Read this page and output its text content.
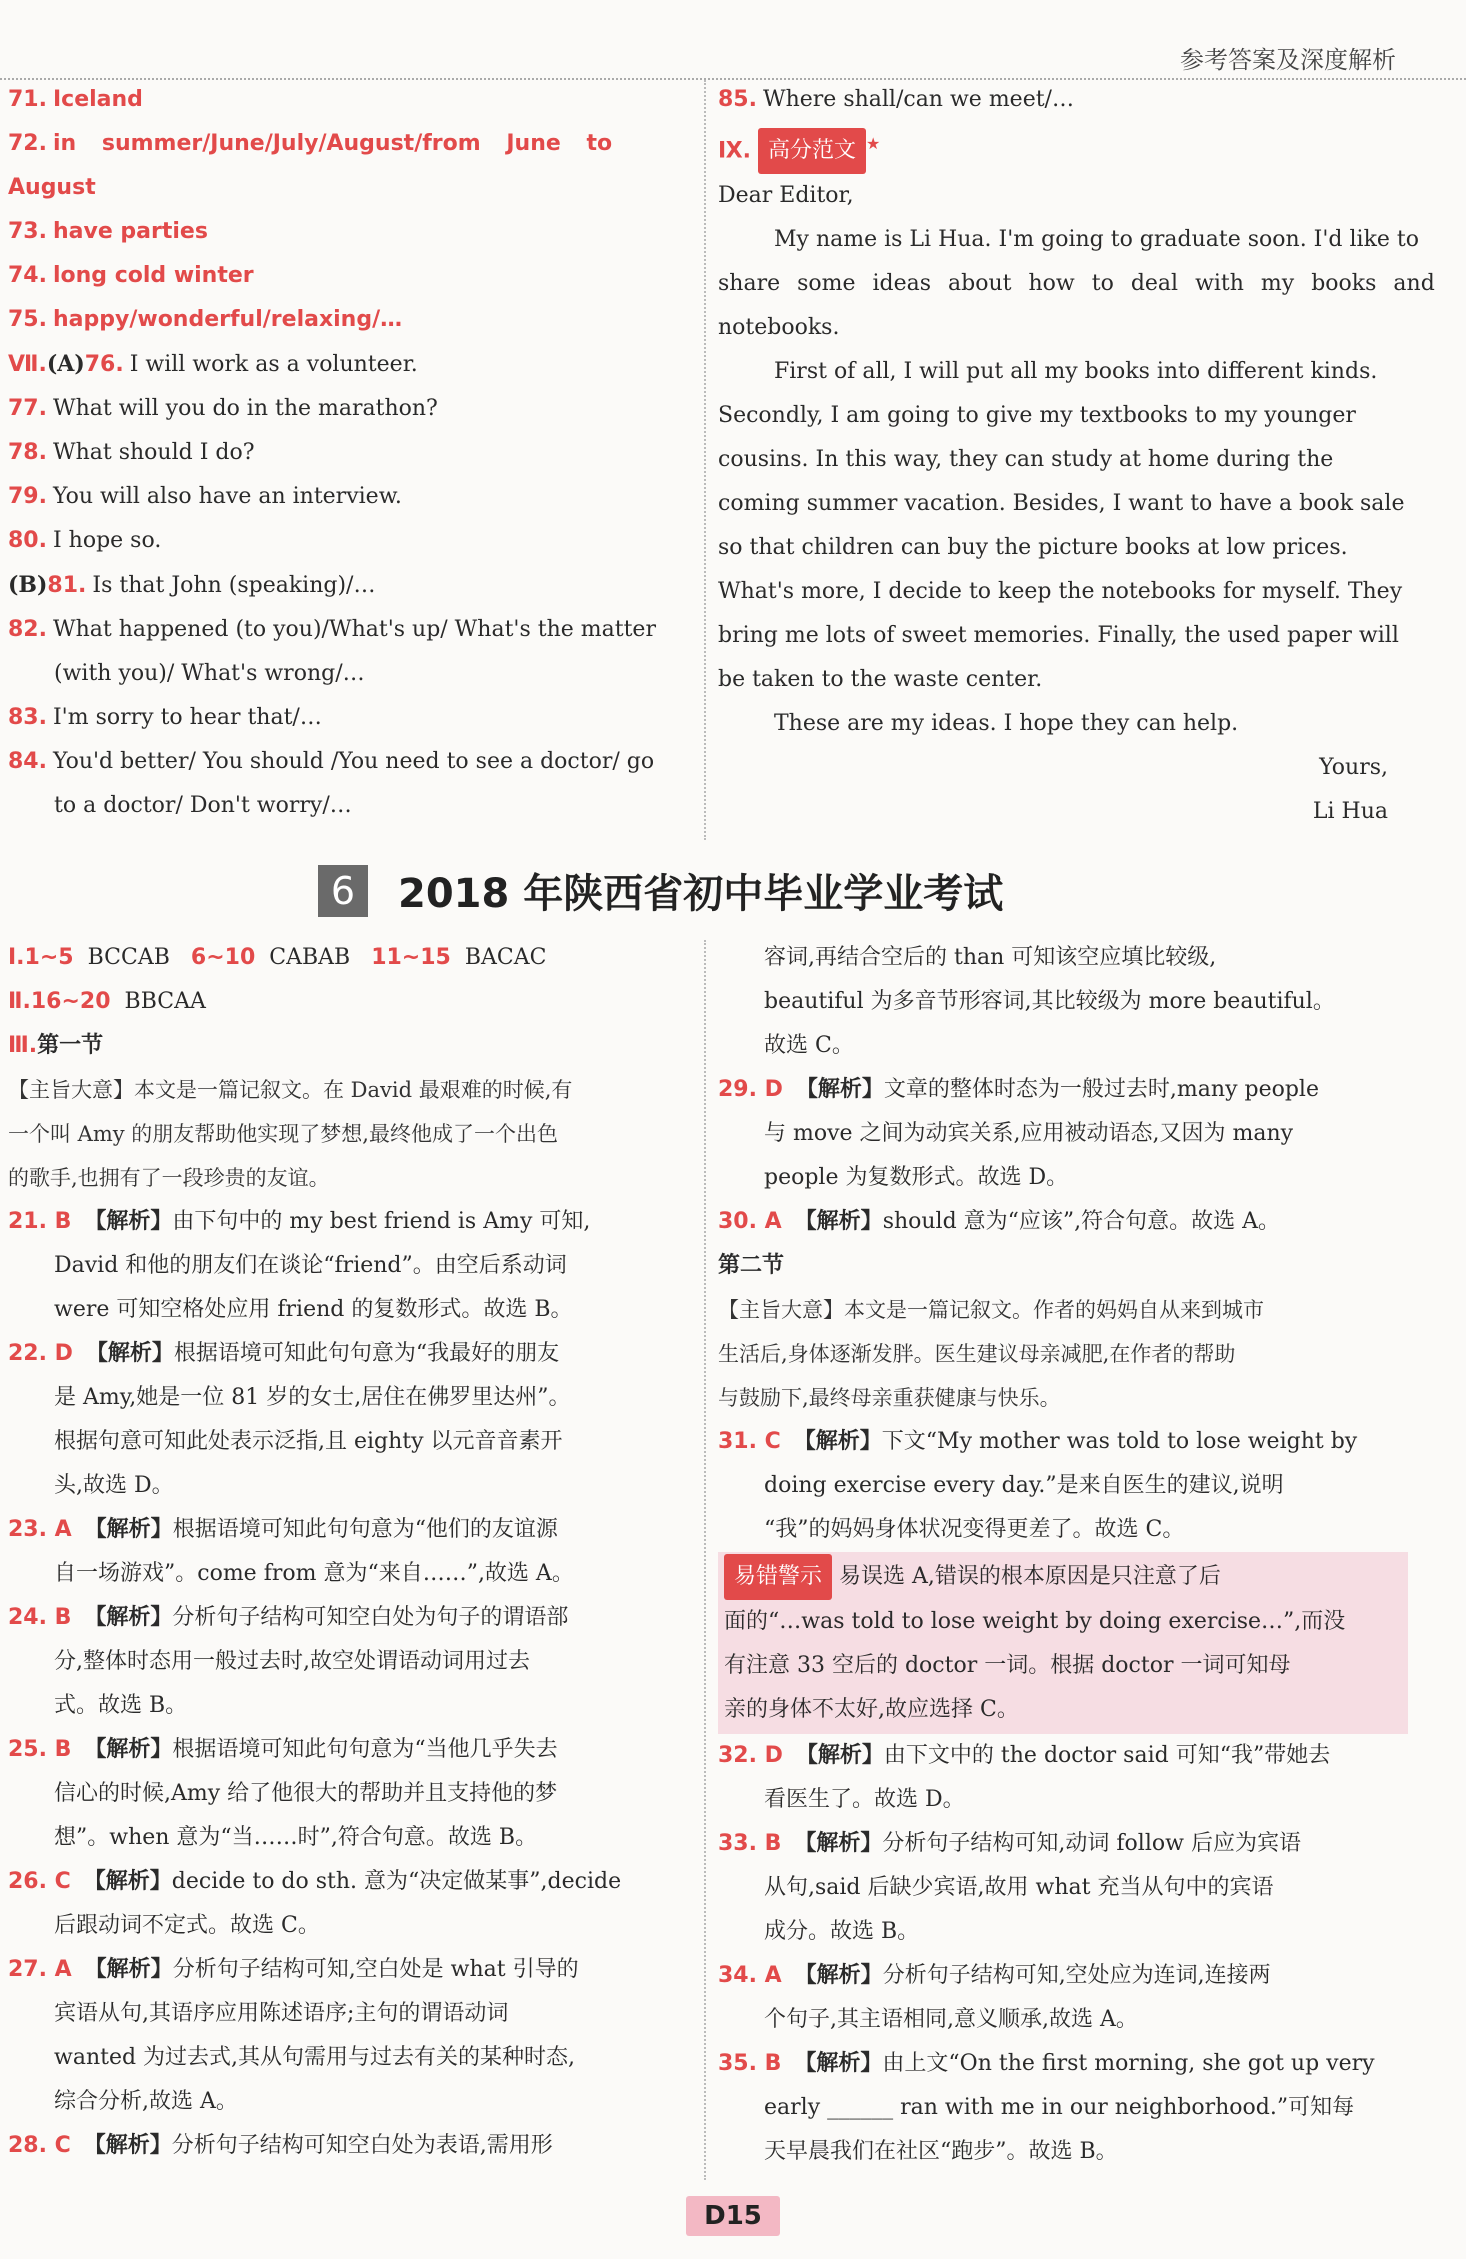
参考答案及深度解析
71. Iceland
72. in summer/June/July/August/from June to
August
73. have parties
74. long cold winter
75. happy/wonderful/relaxing/…
Ⅶ.(A)76. I will work as a volunteer.
77. What will you do in the marathon?
78. What should I do?
79. You will also have an interview.
80. I hope so.
(B)81. Is that John (speaking)/…
82. What happened (to you)/What's up/ What's the matter
(with you)/ What's wrong/…
83. I'm sorry to hear that/…
84. You'd better/ You should /You need to see a doctor/ go
to a doctor/ Don't worry/…
85. Where shall/can we meet/…
Ⅸ. 高分范文 ★
Dear Editor,
My name is Li Hua. I'm going to graduate soon. I'd like to
share some ideas about how to deal with my books and
notebooks.
First of all, I will put all my books into different kinds.
Secondly, I am going to give my textbooks to my younger
cousins. In this way, they can study at home during the
coming summer vacation. Besides, I want to have a book sale
so that children can buy the picture books at low prices.
What's more, I decide to keep the notebooks for myself. They
bring me lots of sweet memories. Finally, the used paper will
be taken to the waste center.
These are my ideas. I hope they can help.
Yours,
Li Hua
6	2018 年陕西省初中毕业学业考试
Ⅰ.1~5 BCCAB 6~10 CABAB 11~15 BACAC
Ⅱ.16~20 BBCAA
Ⅲ.第一节
【主旨大意】本文是一篇记叙文。在 David 最艰难的时候,有
一个叫 Amy 的朋友帮助他实现了梦想,最终他成了一个出色
的歌手,也拥有了一段珍贵的友谊。
21. B 【解析】由下句中的 my best friend is Amy 可知,
David 和他的朋友们在谈论“friend”。由空后系动词
were 可知空格处应用 friend 的复数形式。故选 B。
22. D 【解析】根据语境可知此句句意为“我最好的朋友
是 Amy,她是一位 81 岁的女士,居住在佛罗里达州”。
根据句意可知此处表示泛指,且 eighty 以元音音素开
头,故选 D。
23. A 【解析】根据语境可知此句句意为“他们的友谊源
自一场游戏”。come from 意为“来自……”,故选 A。
24. B 【解析】分析句子结构可知空白处为句子的谓语部
分,整体时态用一般过去时,故空处谓语动词用过去
式。故选 B。
25. B 【解析】根据语境可知此句句意为“当他几乎失去
信心的时候,Amy 给了他很大的帮助并且支持他的梦
想”。when 意为“当……时”,符合句意。故选 B。
26. C 【解析】decide to do sth. 意为“决定做某事”,decide
后跟动词不定式。故选 C。
27. A 【解析】分析句子结构可知,空白处是 what 引导的
宾语从句,其语序应用陈述语序;主句的谓语动词
wanted 为过去式,其从句需用与过去有关的某种时态,
综合分析,故选 A。
28. C 【解析】分析句子结构可知空白处为表语,需用形
容词,再结合空后的 than 可知该空应填比较级,
beautiful 为多音节形容词,其比较级为 more beautiful。
故选 C。
29. D 【解析】文章的整体时态为一般过去时,many people
与 move 之间为动宾关系,应用被动语态,又因为 many
people 为复数形式。故选 D。
30. A 【解析】should 意为“应该”,符合句意。故选 A。
第二节
【主旨大意】本文是一篇记叙文。作者的妈妈自从来到城市
生活后,身体逐渐发胖。医生建议母亲减肥,在作者的帮助
与鼓励下,最终母亲重获健康与快乐。
31. C 【解析】下文“My mother was told to lose weight by
doing exercise every day.”是来自医生的建议,说明
“我”的妈妈身体状况变得更差了。故选 C。
易错警示 易误选 A,错误的根本原因是只注意了后
面的“…was told to lose weight by doing exercise…”,而没
有注意 33 空后的 doctor 一词。根据 doctor 一词可知母
亲的身体不太好,故应选择 C。
32. D 【解析】由下文中的 the doctor said 可知“我”带她去
看医生了。故选 D。
33. B 【解析】分析句子结构可知,动词 follow 后应为宾语
从句,said 后缺少宾语,故用 what 充当从句中的宾语
成分。故选 B。
34. A 【解析】分析句子结构可知,空处应为连词,连接两
个句子,其主语相同,意义顺承,故选 A。
35. B 【解析】由上文“On the first morning, she got up very
early ______ ran with me in our neighborhood.”可知每
天早晨我们在社区“跑步”。故选 B。
D15
